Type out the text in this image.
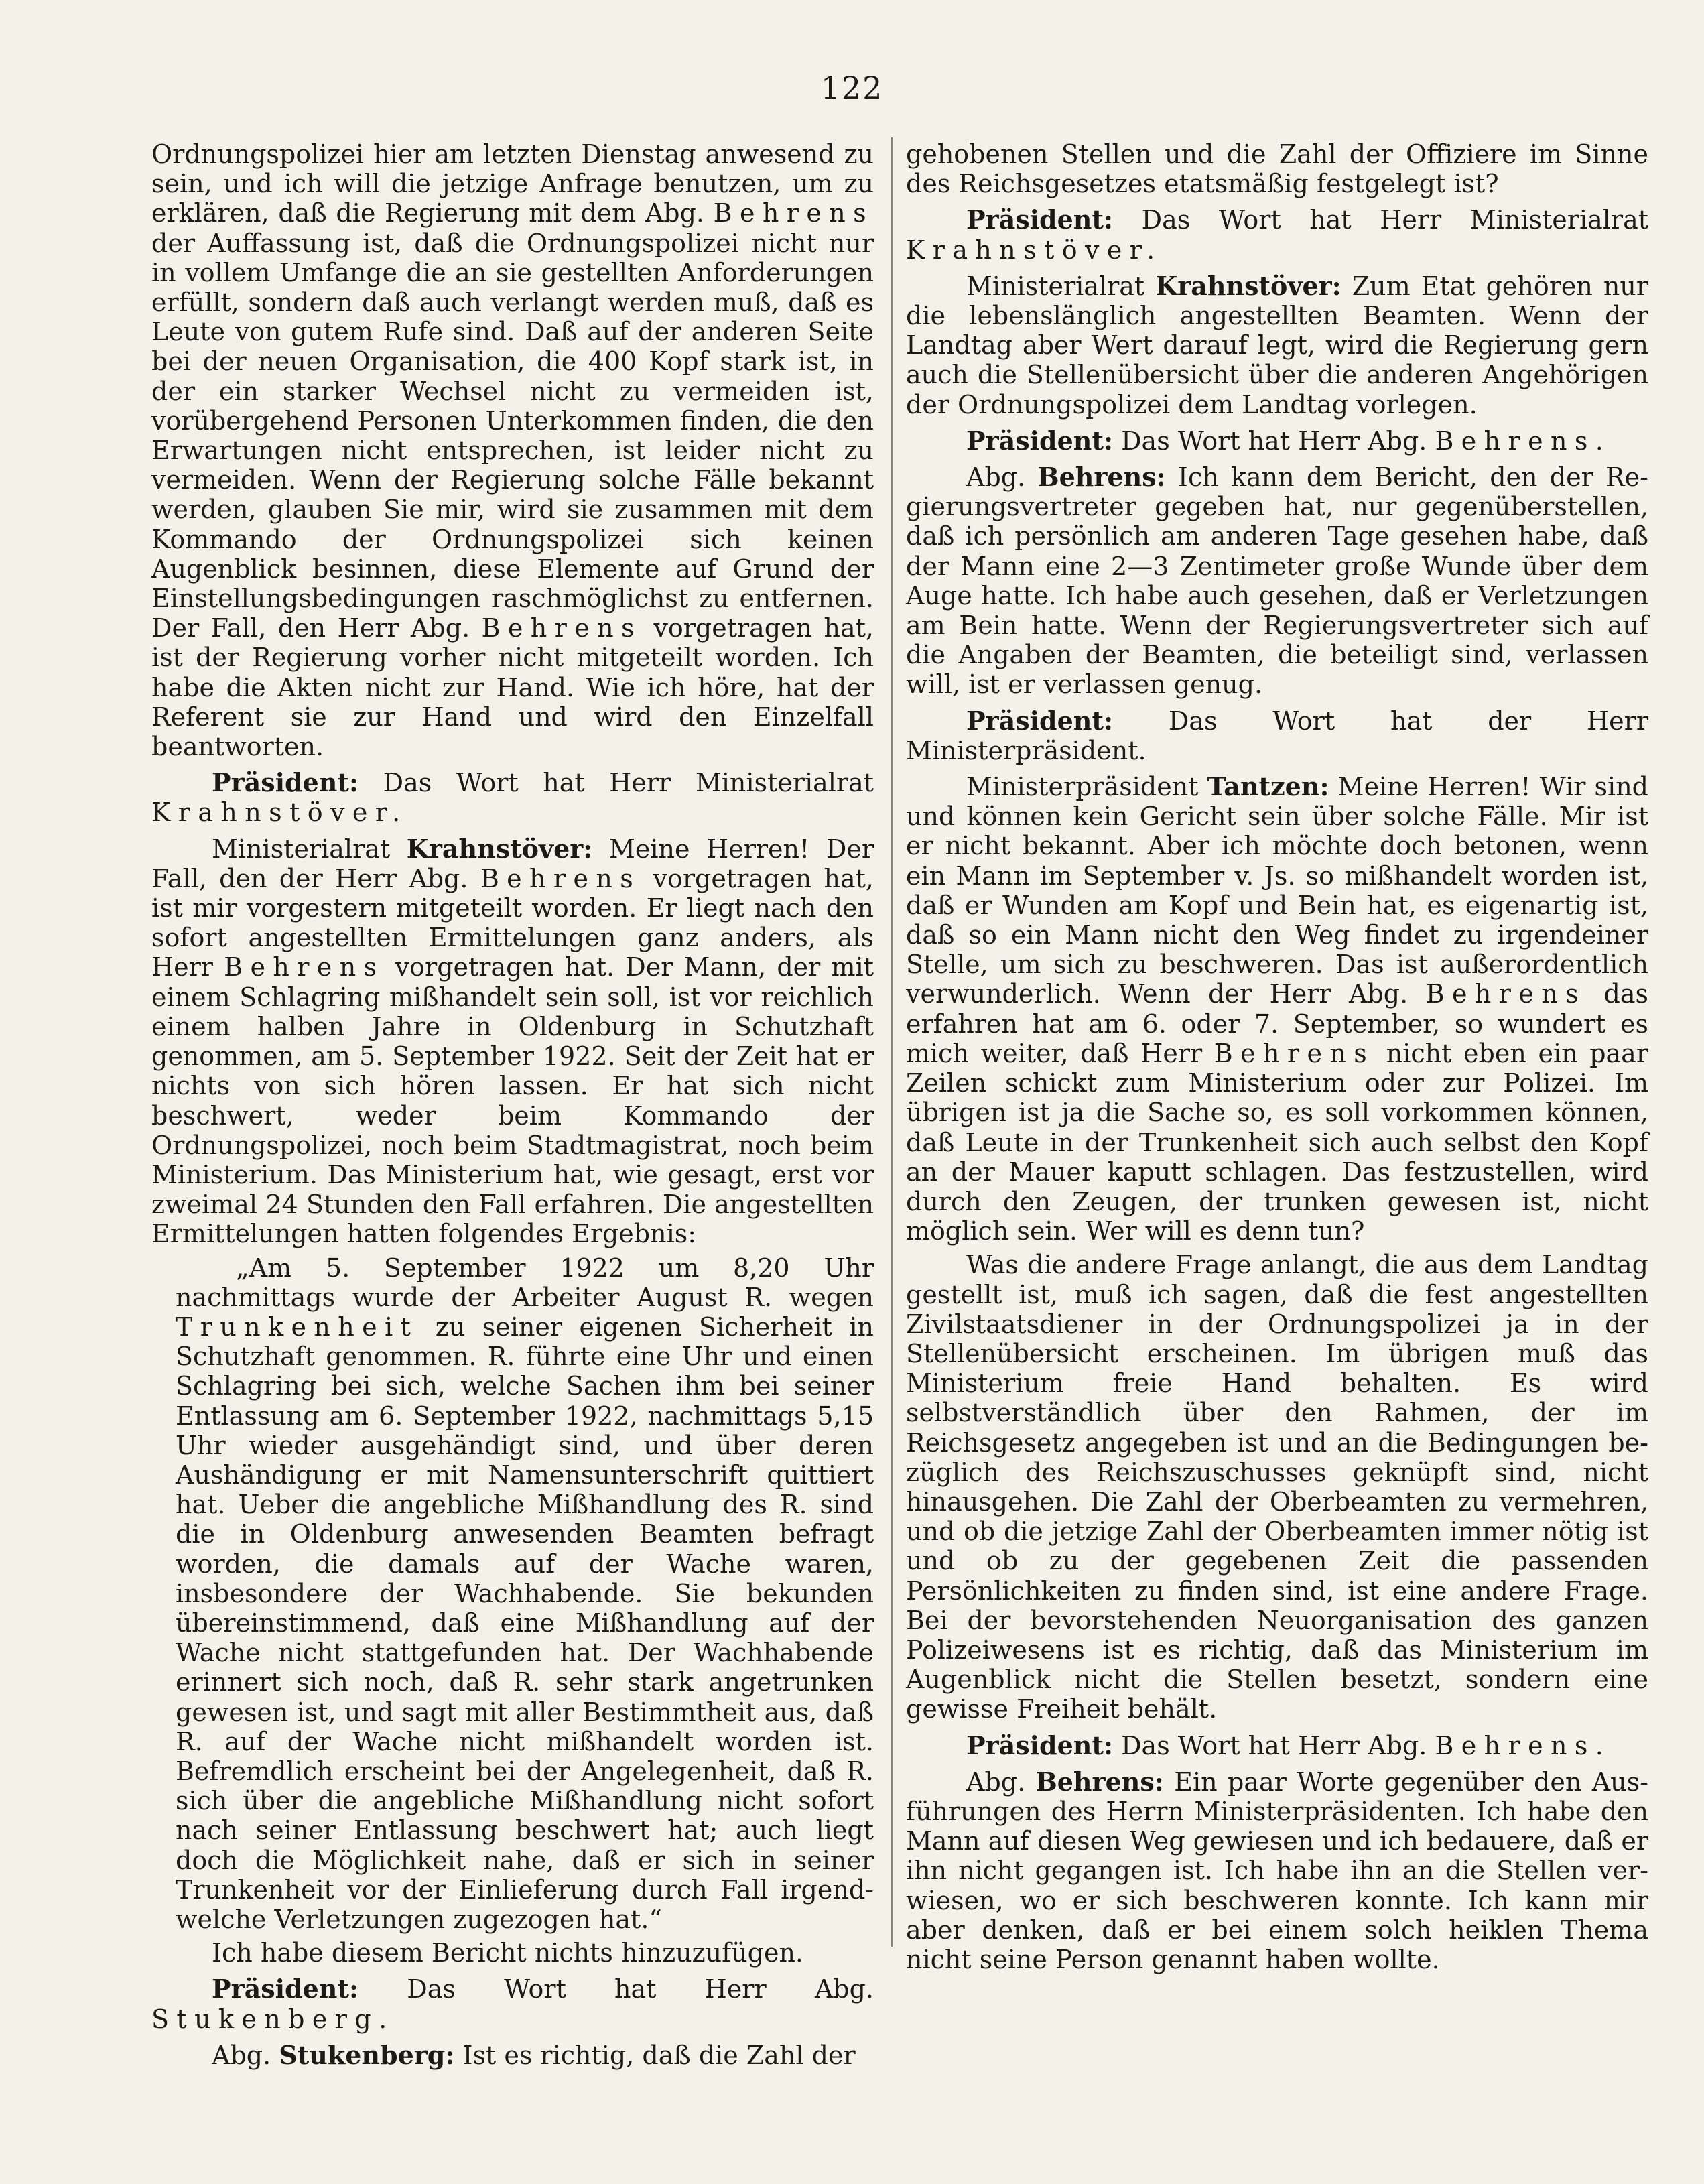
122

Ordnungspolizei hier am letzten Dienstag anwesend zu sein, und ich will die jetzige Anfrage benutzen, um zu erklären, daß die Regierung mit dem Abg. Behrens der Auffassung ist, daß die Ordnungspolizei nicht nur in vollem Umfange die an sie gestellten Anforderungen erfüllt, sondern daß auch verlangt werden muß, daß es Leute von gutem Rufe sind. Daß auf der anderen Seite bei der neuen Organisation, die 400 Kopf stark ist, in der ein starker Wechsel nicht zu vermeiden ist, vorübergehend Personen Unterkommen finden, die den Erwartungen nicht entsprechen, ist leider nicht zu vermeiden. Wenn der Regierung solche Fälle bekannt werden, glauben Sie mir, wird sie zusammen mit dem Kommando der Ordnungspolizei sich keinen Augenblick besinnen, diese Elemente auf Grund der Einstellungsbedingungen raschmöglichst zu entfernen. Der Fall, den Herr Abg. Behrens vorgetragen hat, ist der Regierung vorher nicht mitgeteilt worden. Ich habe die Akten nicht zur Hand. Wie ich höre, hat der Referent sie zur Hand und wird den Einzelfall beantworten.

Präsident: Das Wort hat Herr Ministerialrat Krahnstöver.

Ministerialrat Krahnstöver: Meine Herren! Der Fall, den der Herr Abg. Behrens vorgetragen hat, ist mir vorgestern mitgeteilt worden. Er liegt nach den sofort angestellten Ermittelungen ganz anders, als Herr Behrens vorgetragen hat. Der Mann, der mit einem Schlagring mißhandelt sein soll, ist vor reichlich einem halben Jahre in Oldenburg in Schutzhaft genommen, am 5. September 1922. Seit der Zeit hat er nichts von sich hören lassen. Er hat sich nicht beschwert, weder beim Kommando der Ordnungspolizei, noch beim Stadtmagistrat, noch beim Ministerium. Das Ministerium hat, wie gesagt, erst vor zweimal 24 Stunden den Fall erfahren. Die angestellten Ermittelungen hatten folgendes Ergebnis:

„Am 5. September 1922 um 8,20 Uhr nachmittags wurde der Arbeiter August R. wegen Trunkenheit zu seiner eigenen Sicherheit in Schutzhaft genommen. R. führte eine Uhr und einen Schlagring bei sich, welche Sachen ihm bei seiner Entlassung am 6. September 1922, nachmittags 5,15 Uhr wieder ausgehändigt sind, und über deren Aushändigung er mit Namensunterschrift quittiert hat. Ueber die angebliche Mißhandlung des R. sind die in Oldenburg anwesenden Beamten befragt worden, die damals auf der Wache waren, insbesondere der Wachhabende. Sie bekunden übereinstimmend, daß eine Mißhandlung auf der Wache nicht stattgefunden hat. Der Wachhabende erinnert sich noch, daß R. sehr stark angetrunken gewesen ist, und sagt mit aller Bestimmtheit aus, daß R. auf der Wache nicht mißhandelt worden ist. Befremdlich erscheint bei der Angelegenheit, daß R. sich über die angebliche Mißhandlung nicht sofort nach seiner Entlassung beschwert hat; auch liegt doch die Möglichkeit nahe, daß er sich in seiner Trunkenheit vor der Einlieferung durch Fall irgendwelche Verletzungen zugezogen hat.“

Ich habe diesem Bericht nichts hinzuzufügen.

Präsident: Das Wort hat Herr Abg. Stukenberg.

Abg. Stukenberg: Ist es richtig, daß die Zahl der

gehobenen Stellen und die Zahl der Offiziere im Sinne des Reichsgesetzes etatsmäßig festgelegt ist?

Präsident: Das Wort hat Herr Ministerialrat Krahnstöver.

Ministerialrat Krahnstöver: Zum Etat gehören nur die lebenslänglich angestellten Beamten. Wenn der Landtag aber Wert darauf legt, wird die Regierung gern auch die Stellenübersicht über die anderen Angehörigen der Ordnungspolizei dem Landtag vorlegen.

Präsident: Das Wort hat Herr Abg. Behrens.

Abg. Behrens: Ich kann dem Bericht, den der Regierungsvertreter gegeben hat, nur gegenüberstellen, daß ich persönlich am anderen Tage gesehen habe, daß der Mann eine 2—3 Zentimeter große Wunde über dem Auge hatte. Ich habe auch gesehen, daß er Verletzungen am Bein hatte. Wenn der Regierungsvertreter sich auf die Angaben der Beamten, die beteiligt sind, verlassen will, ist er verlassen genug.

Präsident: Das Wort hat der Herr Ministerpräsident.

Ministerpräsident Tantzen: Meine Herren! Wir sind und können kein Gericht sein über solche Fälle. Mir ist er nicht bekannt. Aber ich möchte doch betonen, wenn ein Mann im September v. Js. so mißhandelt worden ist, daß er Wunden am Kopf und Bein hat, es eigenartig ist, daß so ein Mann nicht den Weg findet zu irgendeiner Stelle, um sich zu beschweren. Das ist außerordentlich verwunderlich. Wenn der Herr Abg. Behrens das erfahren hat am 6. oder 7. September, so wundert es mich weiter, daß Herr Behrens nicht eben ein paar Zeilen schickt zum Ministerium oder zur Polizei. Im übrigen ist ja die Sache so, es soll vorkommen können, daß Leute in der Trunkenheit sich auch selbst den Kopf an der Mauer kaputt schlagen. Das festzustellen, wird durch den Zeugen, der trunken gewesen ist, nicht möglich sein. Wer will es denn tun?

Was die andere Frage anlangt, die aus dem Landtag gestellt ist, muß ich sagen, daß die fest angestellten Zivilstaatsdiener in der Ordnungspolizei ja in der Stellenübersicht erscheinen. Im übrigen muß das Ministerium freie Hand behalten. Es wird selbstverständlich über den Rahmen, der im Reichsgesetz angegeben ist und an die Bedingungen bezüglich des Reichszuschusses geknüpft sind, nicht hinausgehen. Die Zahl der Oberbeamten zu vermehren, und ob die jetzige Zahl der Oberbeamten immer nötig ist und ob zu der gegebenen Zeit die passenden Persönlichkeiten zu finden sind, ist eine andere Frage. Bei der bevorstehenden Neuorganisation des ganzen Polizeiwesens ist es richtig, daß das Ministerium im Augenblick nicht die Stellen besetzt, sondern eine gewisse Freiheit behält.

Präsident: Das Wort hat Herr Abg. Behrens.

Abg. Behrens: Ein paar Worte gegenüber den Ausführungen des Herrn Ministerpräsidenten. Ich habe den Mann auf diesen Weg gewiesen und ich bedauere, daß er ihn nicht gegangen ist. Ich habe ihn an die Stellen verwiesen, wo er sich beschweren konnte. Ich kann mir aber denken, daß er bei einem solch heiklen Thema nicht seine Person genannt haben wollte.
